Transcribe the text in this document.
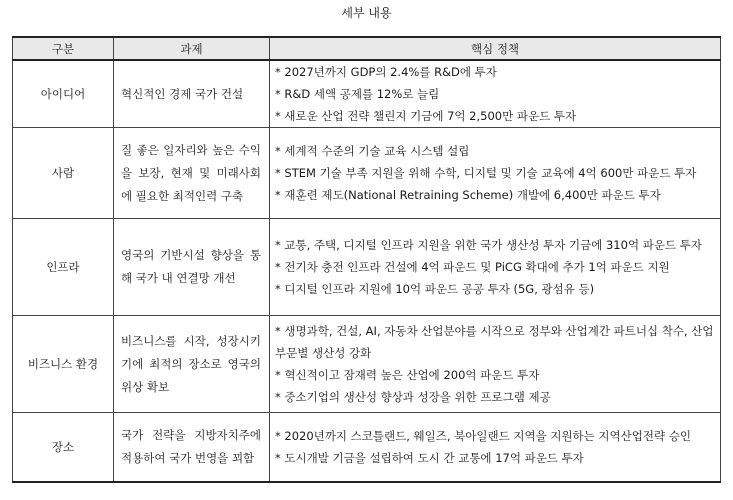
세부 내용
구분	과제	핵심 정책
아이디어	혁신적인 경제 국가 건설	* 2027년까지 GDP의 2.4%를 R&D에 투자
* R&D 세액 공제를 12%로 늘림
* 새로운 산업 전략 챌린지 기금에 7억 2,500만 파운드 투자

사람	질 좋은 일자리와 높은 수익을 보장, 현재 및 미래사회에 필요한 최적인력 구축	* 세계적 수준의 기술 교육 시스템 설립
* STEM 기술 부족 지원을 위해 수학, 디지털 및 기술 교육에 4억 600만 파운드 투자
* 재훈련 제도(National Retraining Scheme) 개발에 6,400만 파운드 투자

인프라	영국의 기반시설 향상을 통해 국가 내 연결망 개선	* 교통, 주택, 디지털 인프라 지원을 위한 국가 생산성 투자 기금에 310억 파운드 투자
* 전기차 충전 인프라 건설에 4억 파운드 및 PiCG 확대에 추가 1억 파운드 지원
* 디지털 인프라 지원에 10억 파운드 공공 투자 (5G, 광섬유 등)

비즈니스 환경	비즈니스를 시작, 성장시키기에 최적의 장소로 영국의 위상 확보	* 생명과학, 건설, AI, 자동차 산업분야를 시작으로 정부와 산업계간 파트너십 착수, 산업 부문별 생산성 강화
* 혁신적이고 잠재력 높은 산업에 200억 파운드 투자
* 중소기업의 생산성 향상과 성장을 위한 프로그램 제공

장소	국가 전략을 지방자치주에 적용하여 국가 번영을 꾀함	* 2020년까지 스코틀랜드, 웨일즈, 북아일랜드 지역을 지원하는 지역산업전략 승인
* 도시개발 기금을 설립하여 도시 간 교통에 17억 파운드 투자
